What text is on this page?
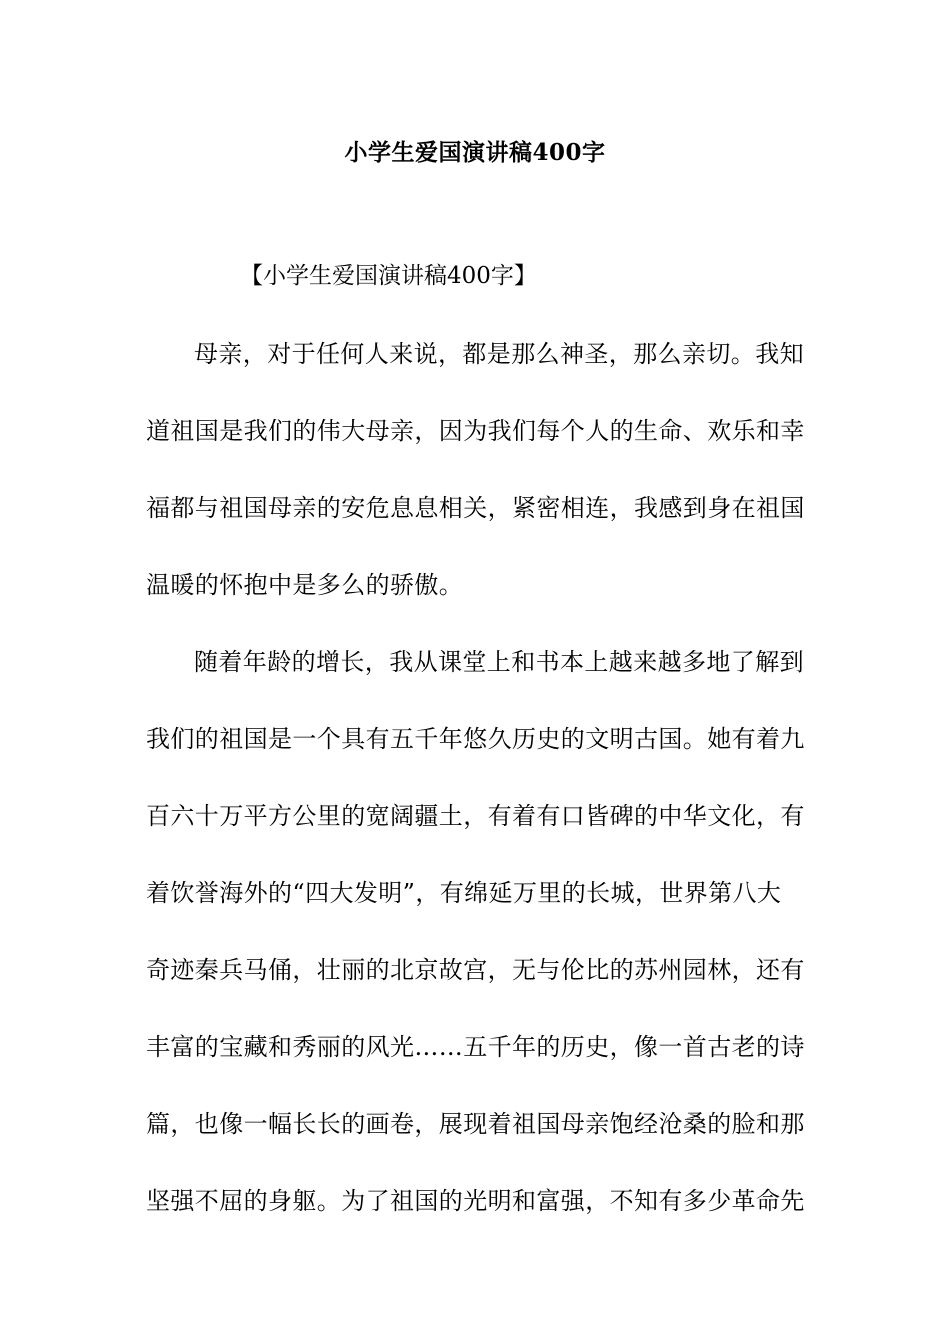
小学生爱国演讲稿400字
【小学生爱国演讲稿400字】
母亲，对于任何人来说，都是那么神圣，那么亲切。我知
道祖国是我们的伟大母亲，因为我们每个人的生命、欢乐和幸
福都与祖国母亲的安危息息相关，紧密相连，我感到身在祖国
温暖的怀抱中是多么的骄傲。
随着年龄的增长，我从课堂上和书本上越来越多地了解到
我们的祖国是一个具有五千年悠久历史的文明古国。她有着九
百六十万平方公里的宽阔疆土，有着有口皆碑的中华文化，有
着饮誉海外的“四大发明”，有绵延万里的长城，世界第八大
奇迹秦兵马俑，壮丽的北京故宫，无与伦比的苏州园林，还有
丰富的宝藏和秀丽的风光……五千年的历史，像一首古老的诗
篇，也像一幅长长的画卷，展现着祖国母亲饱经沧桑的脸和那
坚强不屈的身躯。为了祖国的光明和富强，不知有多少革命先
